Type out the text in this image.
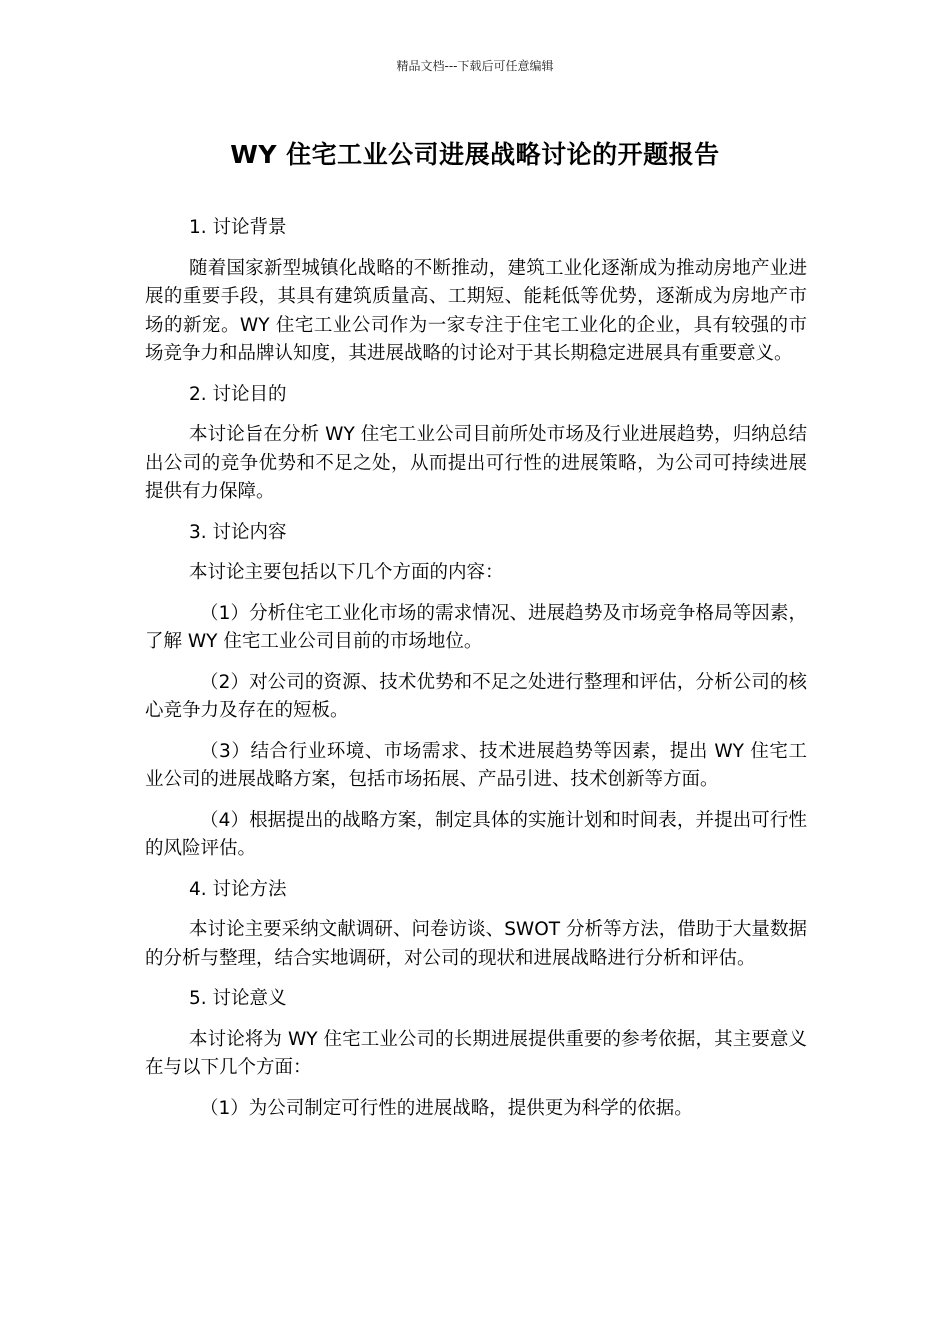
精品文档---下载后可任意编辑
WY 住宅工业公司进展战略讨论的开题报告
1. 讨论背景
随着国家新型城镇化战略的不断推动，建筑工业化逐渐成为推动房地产业进展的重要手段，其具有建筑质量高、工期短、能耗低等优势，逐渐成为房地产市场的新宠。WY 住宅工业公司作为一家专注于住宅工业化的企业，具有较强的市场竞争力和品牌认知度，其进展战略的讨论对于其长期稳定进展具有重要意义。
2. 讨论目的
本讨论旨在分析 WY 住宅工业公司目前所处市场及行业进展趋势，归纳总结出公司的竞争优势和不足之处，从而提出可行性的进展策略，为公司可持续进展提供有力保障。
3. 讨论内容
本讨论主要包括以下几个方面的内容：
（1）分析住宅工业化市场的需求情况、进展趋势及市场竞争格局等因素，了解 WY 住宅工业公司目前的市场地位。
（2）对公司的资源、技术优势和不足之处进行整理和评估，分析公司的核心竞争力及存在的短板。
（3）结合行业环境、市场需求、技术进展趋势等因素，提出 WY 住宅工业公司的进展战略方案，包括市场拓展、产品引进、技术创新等方面。
（4）根据提出的战略方案，制定具体的实施计划和时间表，并提出可行性的风险评估。
4. 讨论方法
本讨论主要采纳文献调研、问卷访谈、SWOT 分析等方法，借助于大量数据的分析与整理，结合实地调研，对公司的现状和进展战略进行分析和评估。
5. 讨论意义
本讨论将为 WY 住宅工业公司的长期进展提供重要的参考依据，其主要意义在与以下几个方面：
（1）为公司制定可行性的进展战略，提供更为科学的依据。
